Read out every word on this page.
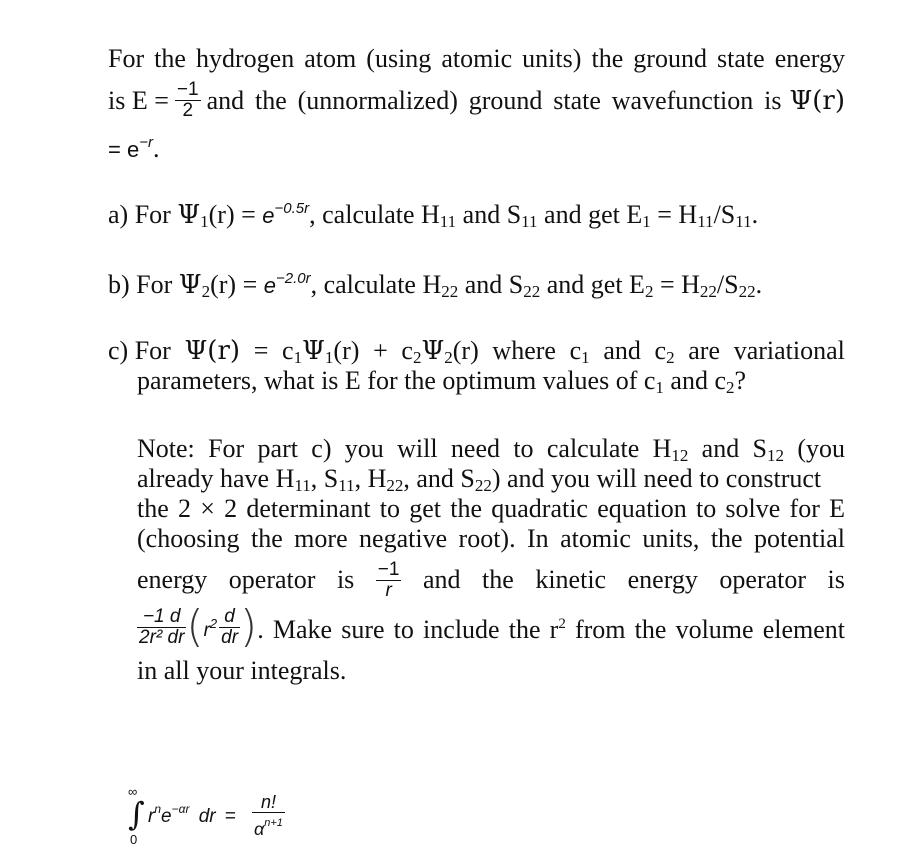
For the hydrogen atom (using atomic units) the ground state energy
is $E = \frac{-1}{2}$ and the (unnormalized) ground state wavefunction is Ψ(r)
= $e^{-r}$.
a) For $\Psi_1(r) = e^{-0.5r}$, calculate $H_{11}$ and $S_{11}$ and get $E_1 = H_{11}/S_{11}$.
b) For $\Psi_2(r) = e^{-2.0r}$, calculate $H_{22}$ and $S_{22}$ and get $E_2 = H_{22}/S_{22}$.
c) For $\Psi(r) = c_1\Psi_1(r) + c_2\Psi_2(r)$ where $c_1$ and $c_2$ are variational
parameters, what is E for the optimum values of $c_1$ and $c_2$?
Note: For part c) you will need to calculate $H_{12}$ and $S_{12}$ (you
already have $H_{11}$, $S_{11}$, $H_{22}$, and $S_{22}$) and you will need to construct
the 2 × 2 determinant to get the quadratic equation to solve for E
(choosing the more negative root). In atomic units, the potential
energy operator is $\frac{-1}{r}$ and the kinetic energy operator is
$\frac{-1 d}{\text{2r² dr}}$ ( $r^2 \frac{d}{dr}$ ) . Make sure to include the $r^2$ from the volume element
in all your integrals.
∞
∫
0
$r^ne^{-\alpha r}$ dr = $\frac{n!}{\alpha^{n+1}}$
